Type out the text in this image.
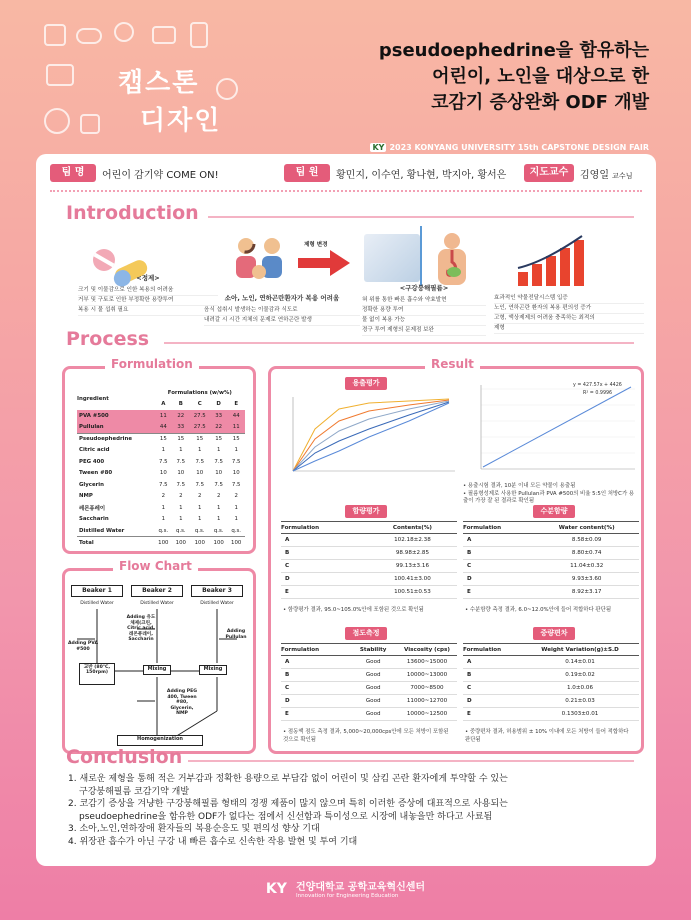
캡스톤
디자인
pseudoephedrine을 함유하는
어린이, 노인을 대상으로 한
코감기 증상완화 ODF 개발
KY 2023 KONYANG UNIVERSITY 15th CAPSTONE DESIGN FAIR
팀 명	어린이 감기약 COME ON!	팀 원	황민지, 이수연, 황나현, 박지아, 황서은	지도교수	김영일 교수님
Introduction
<정제>
크기 및 이물감으로 인한 복용의 어려움
거부 및 구토로 인한 부정확한 용량투여
복용 시 물 섭취 필요
소아, 노인, 연하곤란환자가 복용 어려움
음식 섭취시 발생하는 이물감과 식도로
내려갈 시 시간 지체의 문제로 연하곤란 발생
제형 변경
<구강붕해필름>
혀 위를 통한 빠른 흡수와 약효발현
정확한 용량 투여
물 없이 복용 가능
경구 투여 제형의 문제점 보완
효과적인 약물전달시스템 입증
노인, 연하곤란 환자의 복용 편의성 증가
고형, 액상제제의 어려움 충족하는 최적의
제형
Process
Formulation
Ingredient	Formulations (w/w%)				
	A	B	C	D	E
PVA #500	11	22	27.5	33	44
Pullulan	44	33	27.5	22	11
Pseudoephedrine	15	15	15	15	15
Citric acid	1	1	1	1	1
PEG 400	7.5	7.5	7.5	7.5	7.5
Tween #80	10	10	10	10	10
Glycerin	7.5	7.5	7.5	7.5	7.5
NMP	2	2	2	2	2
레몬퓨레이	1	1	1	1	1
Saccharin	1	1	1	1	1
Distilled Water	q.s.	q.s.	q.s.	q.s.	q.s.
Total	100	100	100	100	100
Flow Chart
Beaker 1	Beaker 2	Beaker 3
Distilled Water	Distilled Water	Distilled Water
Adding PVA #500
Adding 유도체제(크린, Citric acid, 레몬퓨레이, Saccharin
Adding Pullulan
교반 (80°C, 150rpm)
Mixing	Mixing
Adding PEG 400, Tween #80, Glycerin, NMP
Homogenization
Result
용출평가	y = 427.57x + 4426
R² = 0.9996
• 용출시험 결과, 10분 이내 모든 약물이 용출됨
• 필름형성제로 사용한 Pullulan과 PVA #500의 비율 5:5인 처방C가 용출이 가장 잘 된 결과로 확인됨
함량평가
Formulation	Contents(%)
A	102.18±2.38
B	98.98±2.85
C	99.13±3.16
D	100.41±3.00
E	100.51±0.53
• 함량평가 결과, 95.0~105.0%안에 포함된 것으로 확인됨
수분함량
Formulation	Water content(%)
A	8.58±0.09
B	8.80±0.74
C	11.04±0.32
D	9.93±3.60
E	8.92±3.17
• 수분함량 측정 결과, 6.0~12.0%안에 들어 적합하다 판단됨
점도측정
Formulation	Stability	Viscosity (cps)
A	Good	13600~15000
B	Good	10000~13000
C	Good	7000~8500
D	Good	11000~12700
E	Good	10000~12500
• 점동액 점도 측정 결과, 5,000~20,000cps안에 모든 처방이 포함된 것으로 확인됨
중량편차
Formulation	Weight Variation(g)±S.D
A	0.14±0.01
B	0.19±0.02
C	1.0±0.06
D	0.21±0.03
E	0.1303±0.01
• 중량편차 결과, 허용범위 ± 10% 이내에 모든 처방이 들어 적합하다 판단됨
Conclusion
1. 새로운 제형을 통해 적은 거부감과 정확한 용량으로 부담감 없이 어린이 및 삼킴 곤란 환자에게 투약할 수 있는
구강붕해필름 코감기약 개발
2. 코감기 증상을 겨냥한 구강붕해필름 형태의 경쟁 제품이 많지 않으며 특히 이러한 증상에 대표적으로 사용되는
pseudoephedrine을 함유한 ODF가 없다는 점에서 신선함과 특이성으로 시장에 내놓을만 하다고 사료됨
3. 소아,노인,연하장애 환자들의 복용순응도 및 편의성 향상 기대
4. 위장관 흡수가 아닌 구강 내 빠른 흡수로 신속한 작용 발현 및 투여 기대
KY 건양대학교 공학교육혁신센터
Innovation for Engineering Education
